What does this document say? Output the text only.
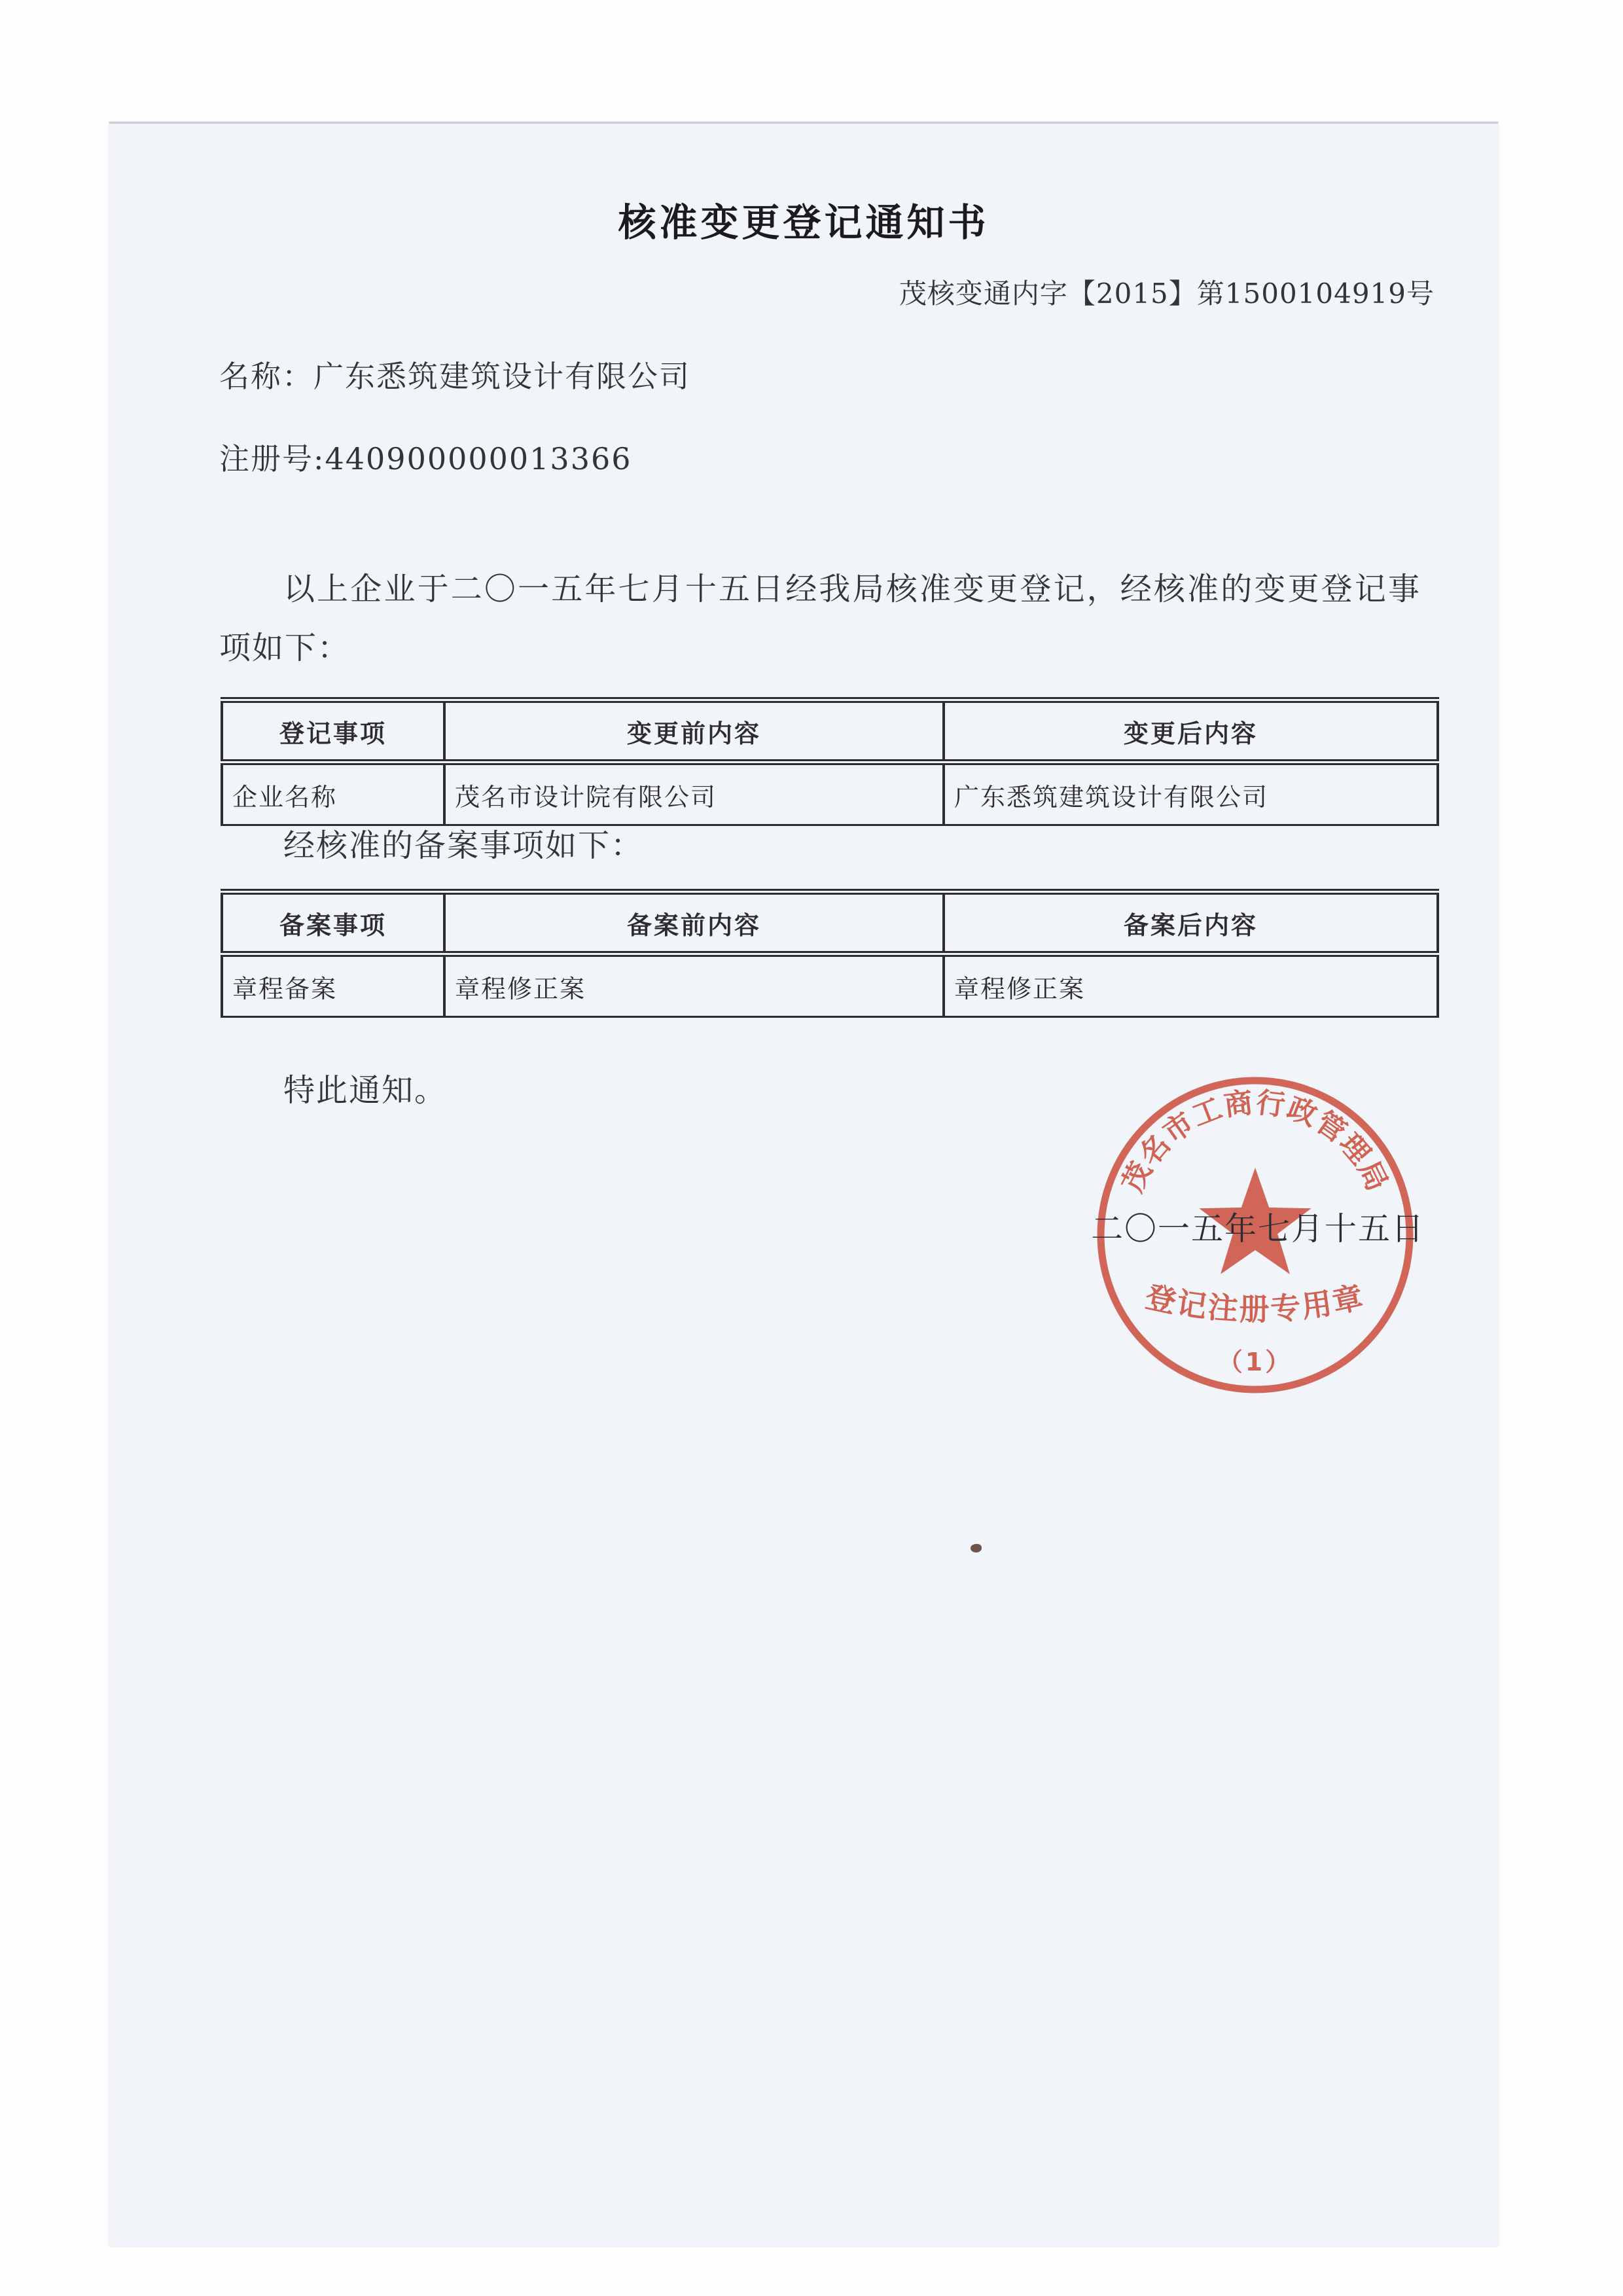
核准变更登记通知书
茂核变通内字【2015】第1500104919号
名称：广东悉筑建筑设计有限公司
注册号:440900000013366
以上企业于二〇一五年七月十五日经我局核准变更登记，经核准的变更登记事项如下：
登记事项	变更前内容	变更后内容
企业名称	茂名市设计院有限公司	广东悉筑建筑设计有限公司
经核准的备案事项如下：
备案事项	备案前内容	备案后内容
章程备案	章程修正案	章程修正案
特此通知。
二〇一五年七月十五日
茂名市工商行政管理局
登记注册专用章
（1）
